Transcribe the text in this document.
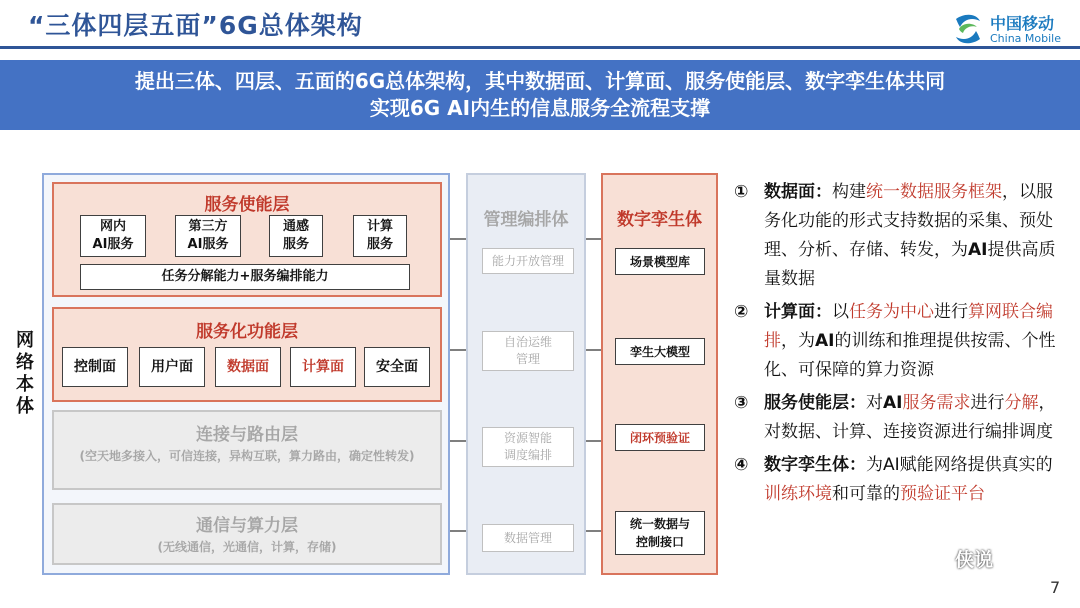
“三体四层五面”6G总体架构	中国移动
China Mobile
提出三体、四层、五面的6G总体架构，其中数据面、计算面、服务使能层、数字孪生体共同
实现6G AI内生的信息服务全流程支撑
网络本体
服务使能层
网内
AI服务
第三方
AI服务
通感
服务
计算
服务
任务分解能力+服务编排能力
服务化功能层
控制面	用户面	数据面	计算面	安全面
连接与路由层
(空天地多接入，可信连接，异构互联，算力路由，确定性转发)
通信与算力层
(无线通信，光通信，计算，存储)
管理编排体
能力开放管理
自治运维
管理
资源智能
调度编排
数据管理
数字孪生体
场景模型库
孪生大模型
闭环预验证
统一数据与
控制接口
① 数据面：构建统一数据服务框架，以服务化功能的形式支持数据的采集、预处理、分析、存储、转发，为AI提供高质量数据
② 计算面：以任务为中心进行算网联合编排，为AI的训练和推理提供按需、个性化、可保障的算力资源
③ 服务使能层：对AI服务需求进行分解，对数据、计算、连接资源进行编排调度
④ 数字孪生体：为AI赋能网络提供真实的训练环境和可靠的预验证平台
侠说
7
